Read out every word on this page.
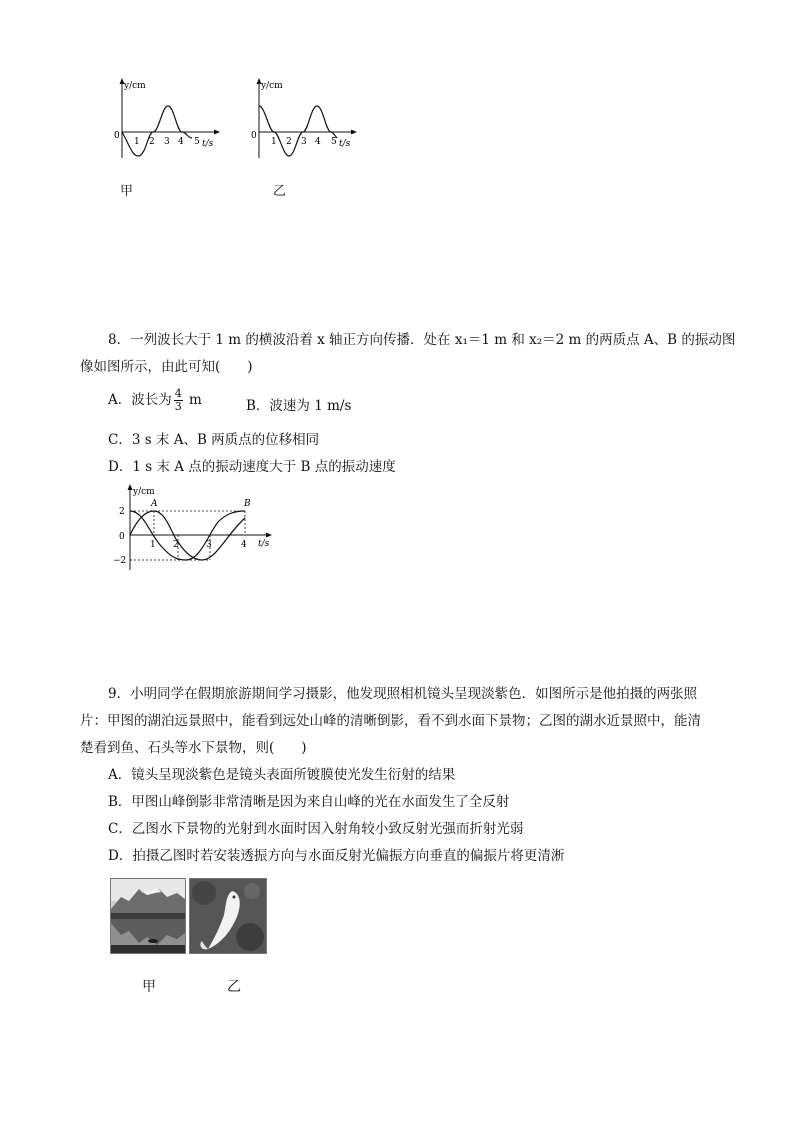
y/cm
0
t/s
1 2 3 4 5
甲
y/cm
0
t/s
1 2 3 4 5
乙
8．一列波长大于 1 m 的横波沿着 x 轴正方向传播．处在 x₁＝1 m 和 x₂＝2 m 的两质点 A、B 的振动图
像如图所示，由此可知(　　)
A．波长为 $\frac{4}{3}$ m	B．波速为 1 m/s
C．3 s 末 A、B 两质点的位移相同
D．1 s 末 A 点的振动速度大于 B 点的振动速度
y/cm
t/s
0
2
−2
1 2	3	4
A	B
9．小明同学在假期旅游期间学习摄影，他发现照相机镜头呈现淡紫色．如图所示是他拍摄的两张照
片：甲图的湖泊远景照中，能看到远处山峰的清晰倒影，看不到水面下景物；乙图的湖水近景照中，能清
楚看到鱼、石头等水下景物，则(　　)
A．镜头呈现淡紫色是镜头表面所镀膜使光发生衍射的结果
B．甲图山峰倒影非常清晰是因为来自山峰的光在水面发生了全反射
C．乙图水下景物的光射到水面时因入射角较小致反射光强而折射光弱
D．拍摄乙图时若安装透振方向与水面反射光偏振方向垂直的偏振片将更清淅
甲	乙
